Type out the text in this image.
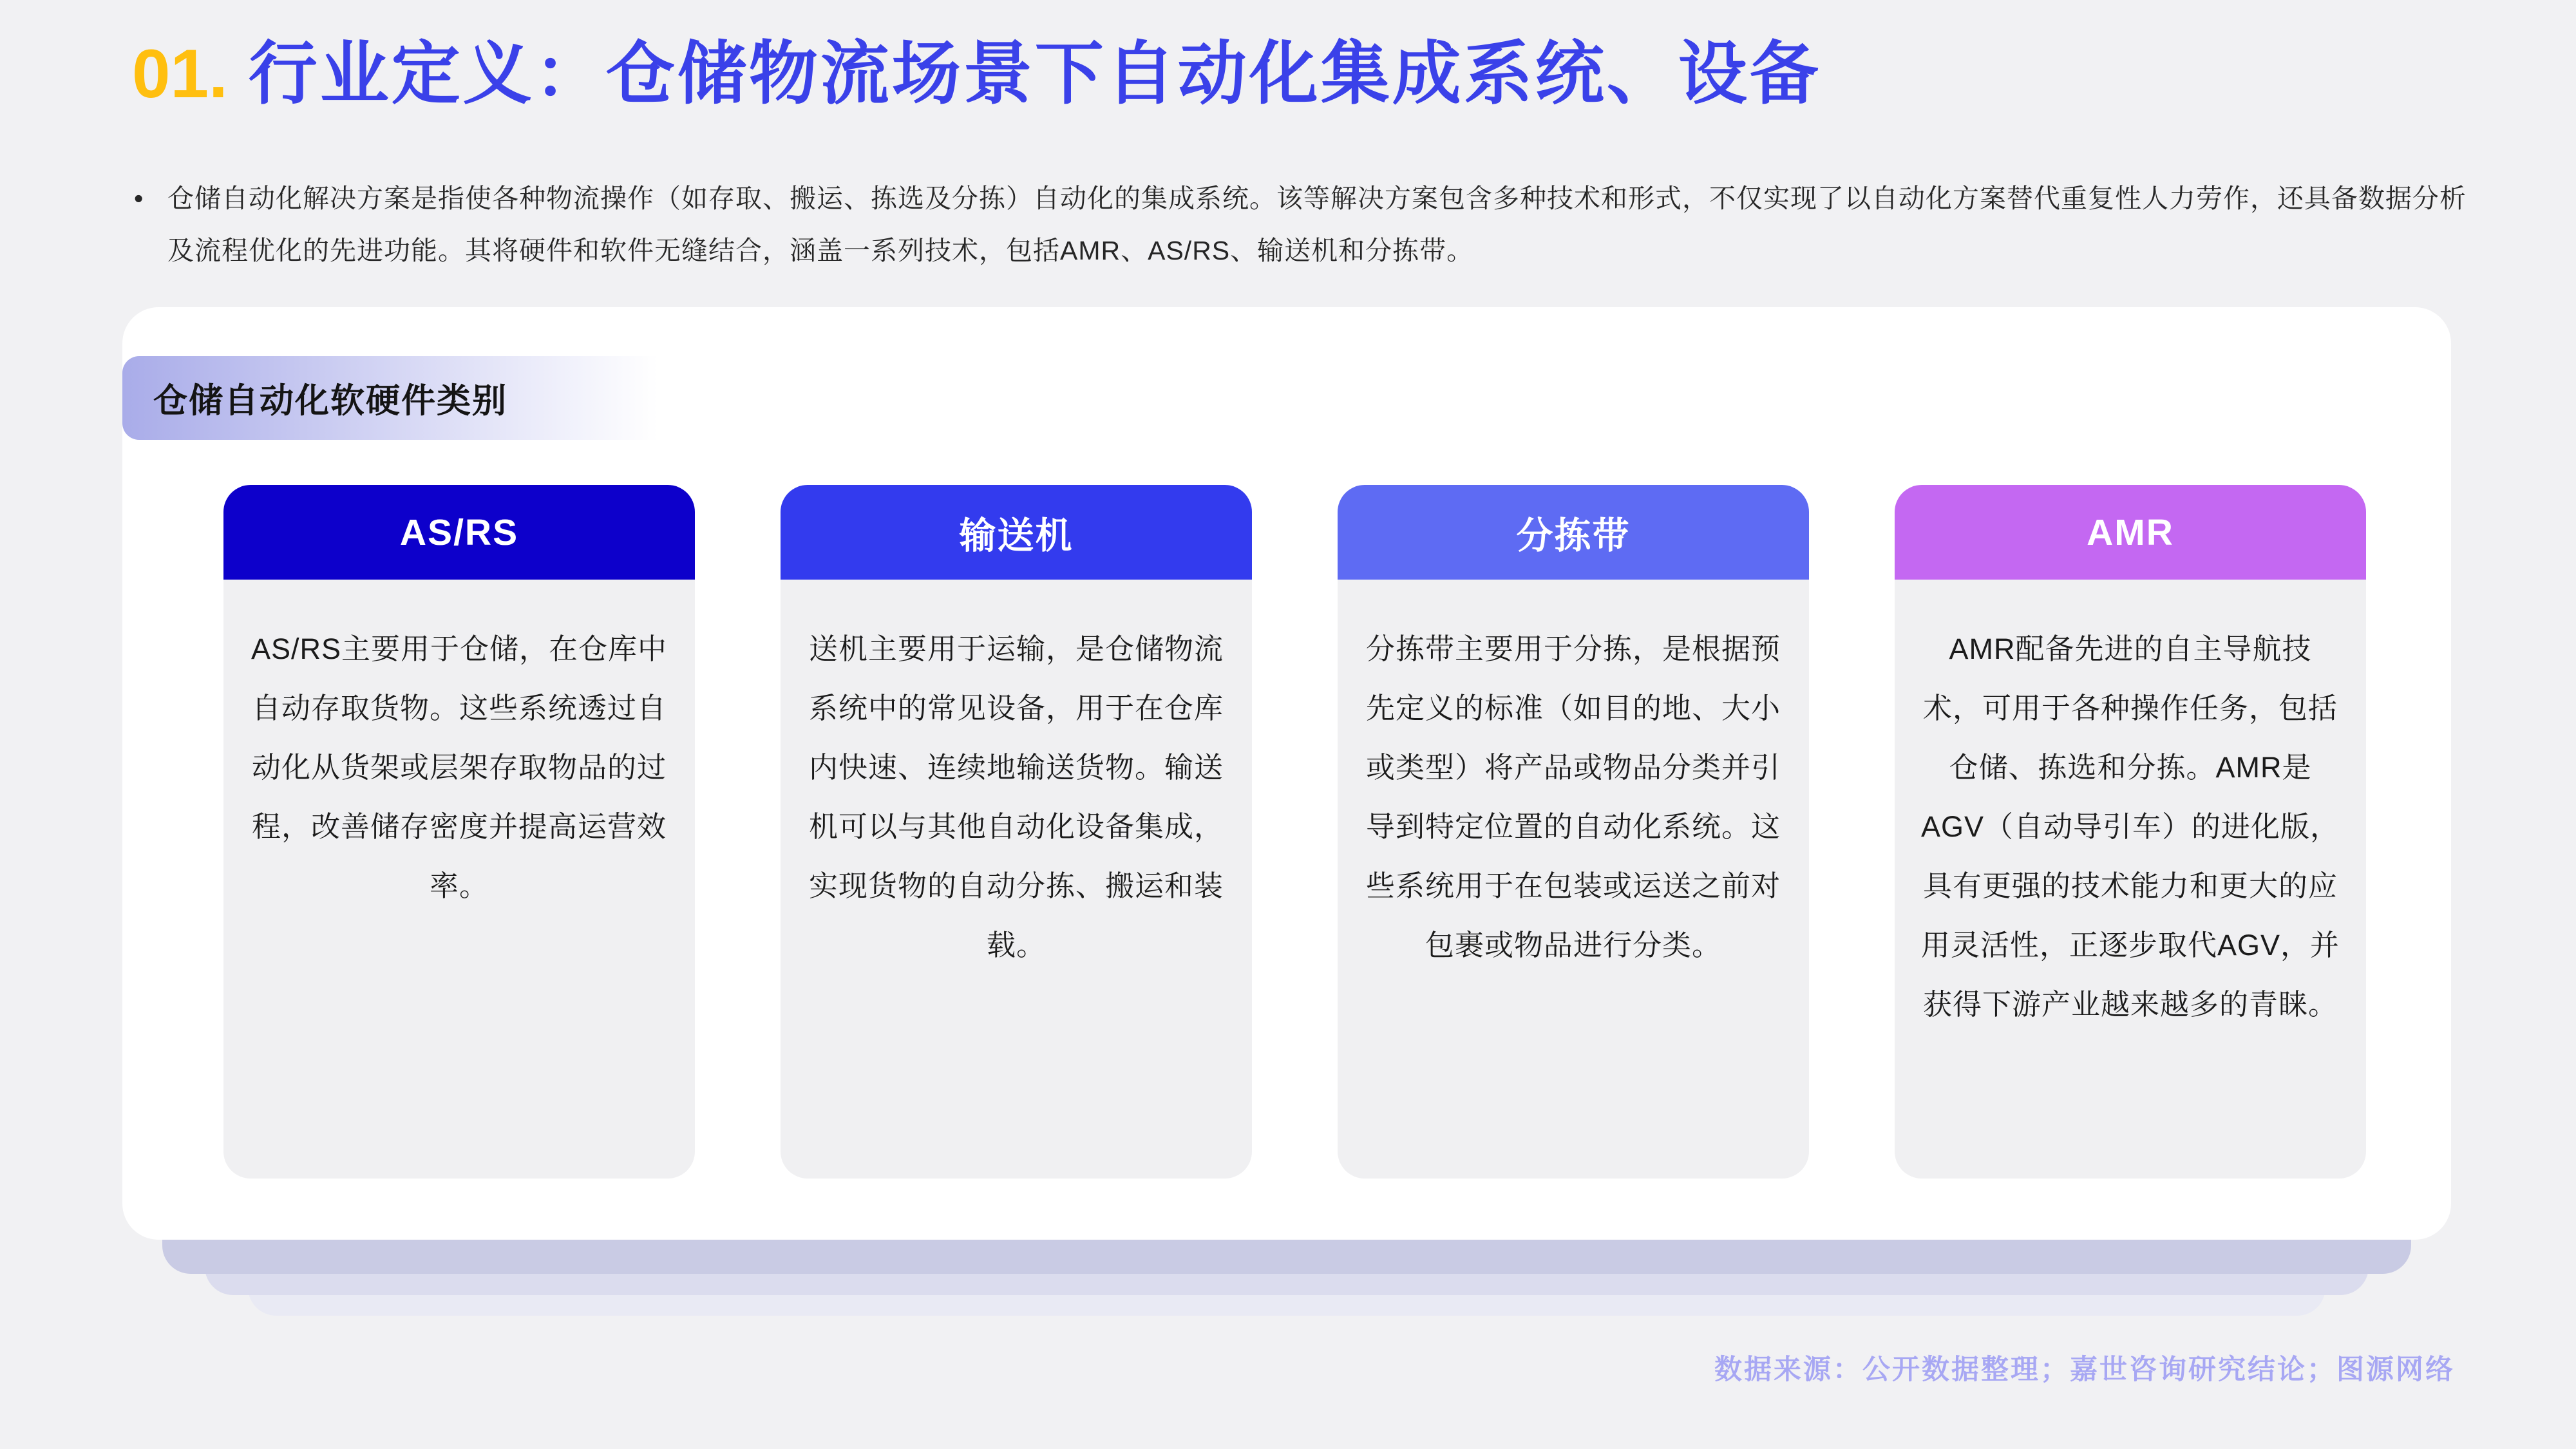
01. 行业定义：仓储物流场景下自动化集成系统、设备
• 仓储自动化解决方案是指使各种物流操作（如存取、搬运、拣选及分拣）自动化的集成系统。该等解决方案包含多种技术和形式，不仅实现了以自动化方案替代重复性人力劳作，还具备数据分析及流程优化的先进功能。其将硬件和软件无缝结合，涵盖一系列技术，包括AMR、AS/RS、输送机和分拣带。
仓储自动化软硬件类别
AS/RS
AS/RS主要用于仓储，在仓库中自动存取货物。这些系统透过自动化从货架或层架存取物品的过程，改善储存密度并提高运营效率。
输送机
送机主要用于运输，是仓储物流系统中的常见设备，用于在仓库内快速、连续地输送货物。输送机可以与其他自动化设备集成，实现货物的自动分拣、搬运和装载。
分拣带
分拣带主要用于分拣，是根据预先定义的标准（如目的地、大小或类型）将产品或物品分类并引导到特定位置的自动化系统。这些系统用于在包装或运送之前对包裹或物品进行分类。
AMR
AMR配备先进的自主导航技术，可用于各种操作任务，包括仓储、拣选和分拣。AMR是AGV（自动导引车）的进化版，具有更强的技术能力和更大的应用灵活性，正逐步取代AGV，并获得下游产业越来越多的青睐。
数据来源：公开数据整理；嘉世咨询研究结论；图源网络
